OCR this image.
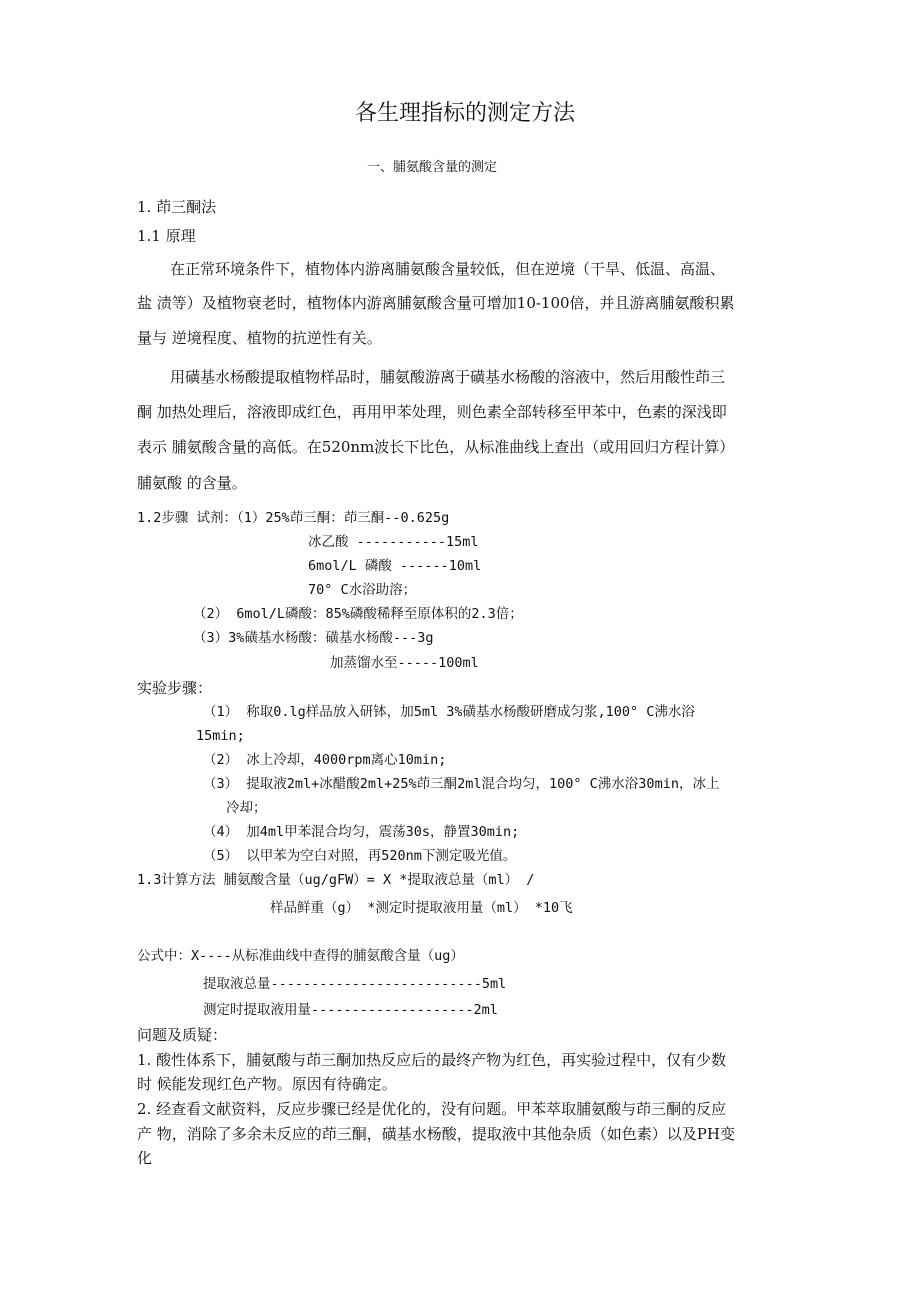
各生理指标的测定方法
一、脯氨酸含量的测定
1. 茚三酮法
1.1 原理
在正常环境条件下，植物体内游离脯氨酸含量较低，但在逆境（干旱、低温、高温、
盐 渍等）及植物衰老时，植物体内游离脯氨酸含量可增加10-100倍，并且游离脯氨酸积累
量与 逆境程度、植物的抗逆性有关。
用磺基水杨酸提取植物样品时，脯氨酸游离于磺基水杨酸的溶液中，然后用酸性茚三
酮 加热处理后，溶液即成红色，再用甲苯处理，则色素全部转移至甲苯中，色素的深浅即
表示 脯氨酸含量的高低。在520nm波长下比色，从标准曲线上查出（或用回归方程计算）
脯氨酸 的含量。
1.2步骤 试剂：（1）25%茚三酮：茚三酮--0.625g
冰乙酸 -----------15ml
6mol/L 磷酸 ------10ml
70° C水浴助溶；
（2） 6mol/L磷酸：85%磷酸稀释至原体积的2.3倍；
（3）3%磺基水杨酸：磺基水杨酸---3g
加蒸馏水至-----100ml
实验步骤：
（1） 称取0.lg样品放入研钵，加5ml 3%磺基水杨酸研磨成匀浆,100° C沸水浴
15min;
（2） 冰上冷却，4000rpm离心10min;
（3） 提取液2ml+冰醋酸2ml+25%茚三酮2ml混合均匀，100° C沸水浴30min，冰上
冷却；
（4） 加4ml甲苯混合均匀，震荡30s，静置30min;
（5） 以甲苯为空白对照，再520nm下测定吸光值。
1.3计算方法 脯氨酸含量（ug/gFW）= X *提取液总量（ml） /
样品鲜重（g） *测定时提取液用量（ml） *10飞
公式中：X----从标准曲线中查得的脯氨酸含量（ug）
提取液总量--------------------------5ml
测定时提取液用量--------------------2ml
问题及质疑：
1. 酸性体系下，脯氨酸与茚三酮加热反应后的最终产物为红色，再实验过程中，仅有少数
时 候能发现红色产物。原因有待确定。
2. 经查看文献资料，反应步骤已经是优化的，没有问题。甲苯萃取脯氨酸与茚三酮的反应
产 物，消除了多余未反应的茚三酮，磺基水杨酸，提取液中其他杂质（如色素）以及PH变
化
